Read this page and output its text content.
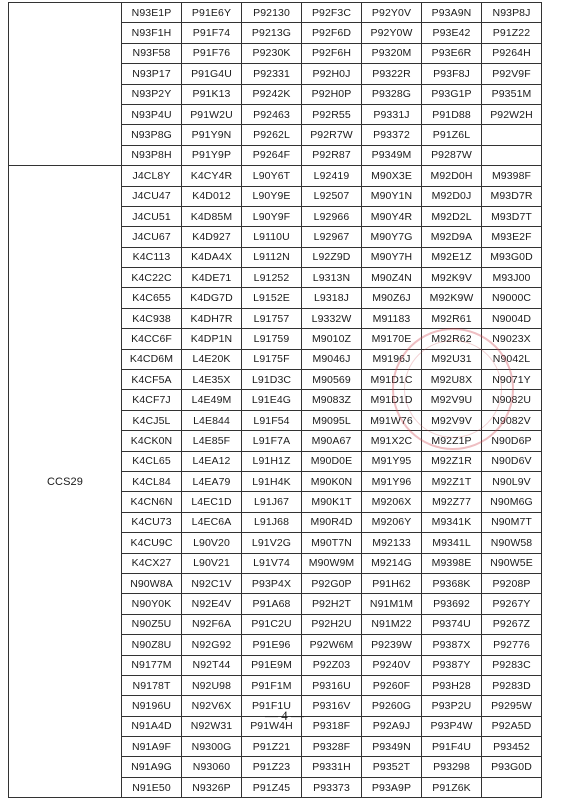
	N93E1P	P91E6Y	P92130	P92F3C	P92Y0V	P93A9N	N93P8J
	N93F1H	P91F74	P9213G	P92F6D	P92Y0W	P93E42	P91Z22
	N93F58	P91F76	P9230K	P92F6H	P9320M	P93E6R	P9264H
	N93P17	P91G4U	P92331	P92H0J	P9322R	P93F8J	P92V9F
	N93P2Y	P91K13	P9242K	P92H0P	P9328G	P93G1P	P9351M
	N93P4U	P91W2U	P92463	P92R55	P9331J	P91D88	P92W2H
	N93P8G	P91Y9N	P9262L	P92R7W	P93372	P91Z6L	
	N93P8H	P91Y9P	P9264F	P92R87	P9349M	P9287W	
CCS29	J4CL8Y	K4CY4R	L90Y6T	L92419	M90X3E	M92D0H	M9398F
	J4CU47	K4D012	L90Y9E	L92507	M90Y1N	M92D0J	M93D7R
	J4CU51	K4D85M	L90Y9F	L92966	M90Y4R	M92D2L	M93D7T
	J4CU67	K4D927	L9110U	L92967	M90Y7G	M92D9A	M93E2F
	K4C113	K4DA4X	L9112N	L92Z9D	M90Y7H	M92E1Z	M93G0D
	K4C22C	K4DE71	L91252	L9313N	M90Z4N	M92K9V	M93J00
	K4C655	K4DG7D	L9152E	L9318J	M90Z6J	M92K9W	N9000C
	K4C938	K4DH7R	L91757	L9332W	M91183	M92R61	N9004D
	K4CC6F	K4DP1N	L91759	M9010Z	M9170E	M92R62	N9023X
	K4CD6M	L4E20K	L9175F	M9046J	M9196J	M92U31	N9042L
	K4CF5A	L4E35X	L91D3C	M90569	M91D1C	M92U8X	N9071Y
	K4CF7J	L4E49M	L91E4G	M9083Z	M91D1D	M92V9U	N9082U
	K4CJ5L	L4E844	L91F54	M9095L	M91W76	M92V9V	N9082V
	K4CK0N	L4E85F	L91F7A	M90A67	M91X2C	M92Z1P	N90D6P
	K4CL65	L4EA12	L91H1Z	M90D0E	M91Y95	M92Z1R	N90D6V
	K4CL84	L4EA79	L91H4K	M90K0N	M91Y96	M92Z1T	N90L9V
	K4CN6N	L4EC1D	L91J67	M90K1T	M9206X	M92Z77	N90M6G
	K4CU73	L4EC6A	L91J68	M90R4D	M9206Y	M9341K	N90M7T
	K4CU9C	L90V20	L91V2G	M90T7N	M92133	M9341L	N90W58
	K4CX27	L90V21	L91V74	M90W9M	M9214G	M9398E	N90W5E
	N90W8A	N92C1V	P93P4X	P92G0P	P91H62	P9368K	P9208P
	N90Y0K	N92E4V	P91A68	P92H2T	N91M1M	P93692	P9267Y
	N90Z5U	N92F6A	P91C2U	P92H2U	N91M22	P9374U	P9267Z
	N90Z8U	N92G92	P91E96	P92W6M	P9239W	P9387X	P92776
	N9177M	N92T44	P91E9M	P92Z03	P9240V	P9387Y	P9283C
	N9178T	N92U98	P91F1M	P9316U	P9260F	P93H28	P9283D
	N9196U	N92V6X	P91F1U	P9316V	P9260G	P93P2U	P9295W
	N91A4D	N92W31	P91W4H	P9318F	P92A9J	P93P4W	P92A5D
	N91A9F	N9300G	P91Z21	P9328F	P9349N	P91F4U	P93452
	N91A9G	N93060	P91Z23	P9331H	P9352T	P93298	P93G0D
	N91E50	N9326P	P91Z45	P93373	P93A9P	P91Z6K	
— 4 —
